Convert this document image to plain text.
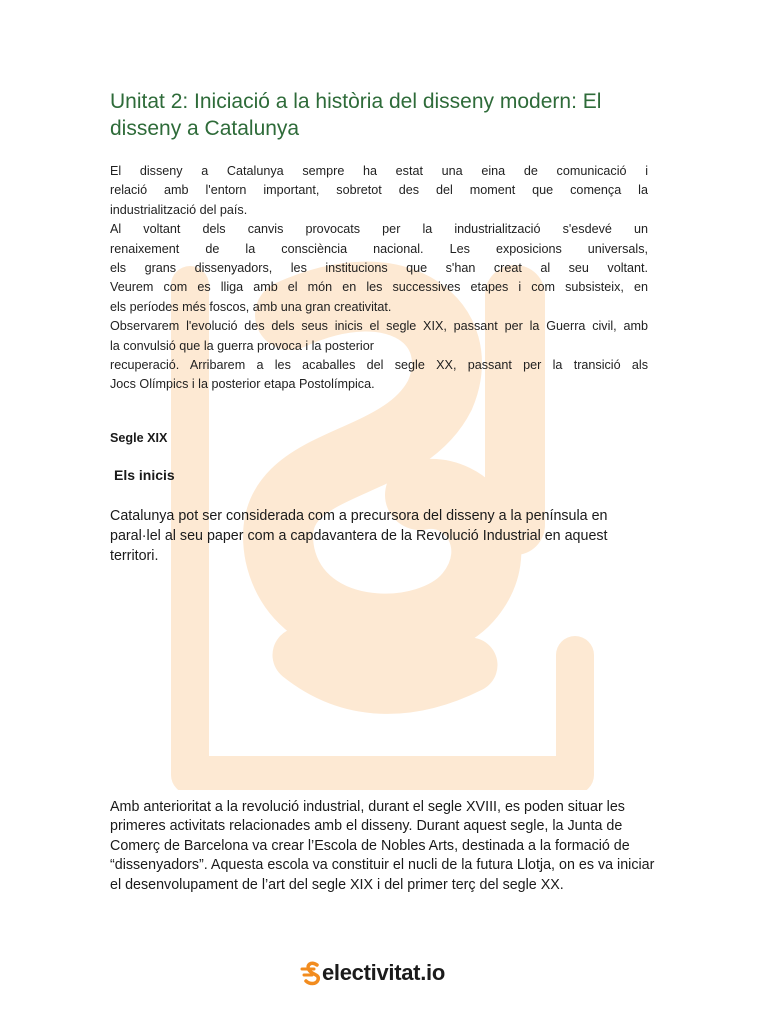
Unitat 2: Iniciació a la història del disseny modern: El disseny a Catalunya
El disseny a Catalunya sempre ha estat una eina de comunicació i
relació amb l'entorn important, sobretot des del moment que comença la
industrialització del país.
Al voltant dels canvis provocats per la industrialització s'esdevé un
renaixement de la consciència nacional. Les exposicions universals,
els grans dissenyadors, les institucions que s'han creat al seu voltant.
Veurem com es lliga amb el món en les successives etapes i com subsisteix, en
els períodes més foscos, amb una gran creativitat.
Observarem l'evolució des dels seus inicis el segle XIX, passant per la Guerra civil, amb
la convulsió que la guerra provoca i la posterior
recuperació. Arribarem a les acaballes del segle XX, passant per la transició als
Jocs Olímpics i la posterior etapa Postolímpica.
Segle XIX
Els inicis

Catalunya pot ser considerada com a precursora del disseny a la península en paral·lel al seu paper com a capdavantera de la Revolució Industrial en aquest territori.

Amb anterioritat a la revolució industrial, durant el segle XVIII, es poden situar les primeres activitats relacionades amb el disseny. Durant aquest segle, la Junta de Comerç de Barcelona va crear l’Escola de Nobles Arts, destinada a la formació de “dissenyadors”. Aquesta escola va constituir el nucli de la futura Llotja, on es va iniciar el desenvolupament de l’art del segle XIX i del primer terç del segle XX.

electivitat.io
